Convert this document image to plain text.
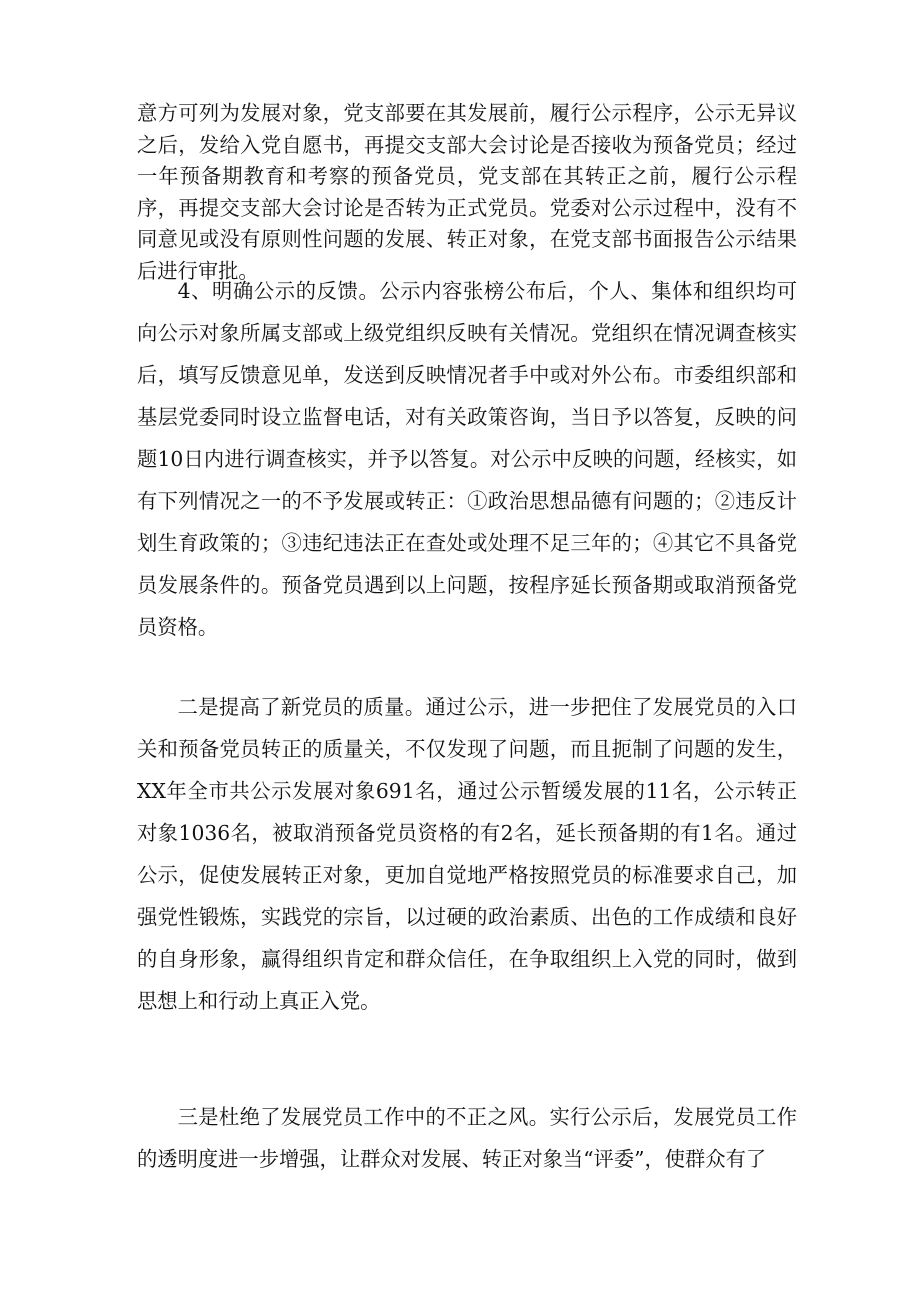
意方可列为发展对象，党支部要在其发展前，履行公示程序，公示无异议之后，发给入党自愿书，再提交支部大会讨论是否接收为预备党员；经过一年预备期教育和考察的预备党员，党支部在其转正之前，履行公示程序，再提交支部大会讨论是否转为正式党员。党委对公示过程中，没有不同意见或没有原则性问题的发展、转正对象，在党支部书面报告公示结果后进行审批。

4、明确公示的反馈。公示内容张榜公布后，个人、集体和组织均可向公示对象所属支部或上级党组织反映有关情况。党组织在情况调查核实后，填写反馈意见单，发送到反映情况者手中或对外公布。市委组织部和基层党委同时设立监督电话，对有关政策咨询，当日予以答复，反映的问题10日内进行调查核实，并予以答复。对公示中反映的问题，经核实，如有下列情况之一的不予发展或转正：①政治思想品德有问题的；②违反计划生育政策的；③违纪违法正在查处或处理不足三年的；④其它不具备党员发展条件的。预备党员遇到以上问题，按程序延长预备期或取消预备党员资格。

二是提高了新党员的质量。通过公示，进一步把住了发展党员的入口关和预备党员转正的质量关，不仅发现了问题，而且扼制了问题的发生，XX年全市共公示发展对象691名，通过公示暂缓发展的11名，公示转正对象1036名，被取消预备党员资格的有2名，延长预备期的有1名。通过公示，促使发展转正对象，更加自觉地严格按照党员的标准要求自己，加强党性锻炼，实践党的宗旨，以过硬的政治素质、出色的工作成绩和良好的自身形象，赢得组织肯定和群众信任，在争取组织上入党的同时，做到思想上和行动上真正入党。

三是杜绝了发展党员工作中的不正之风。实行公示后，发展党员工作的透明度进一步增强，让群众对发展、转正对象当“评委”，使群众有了
